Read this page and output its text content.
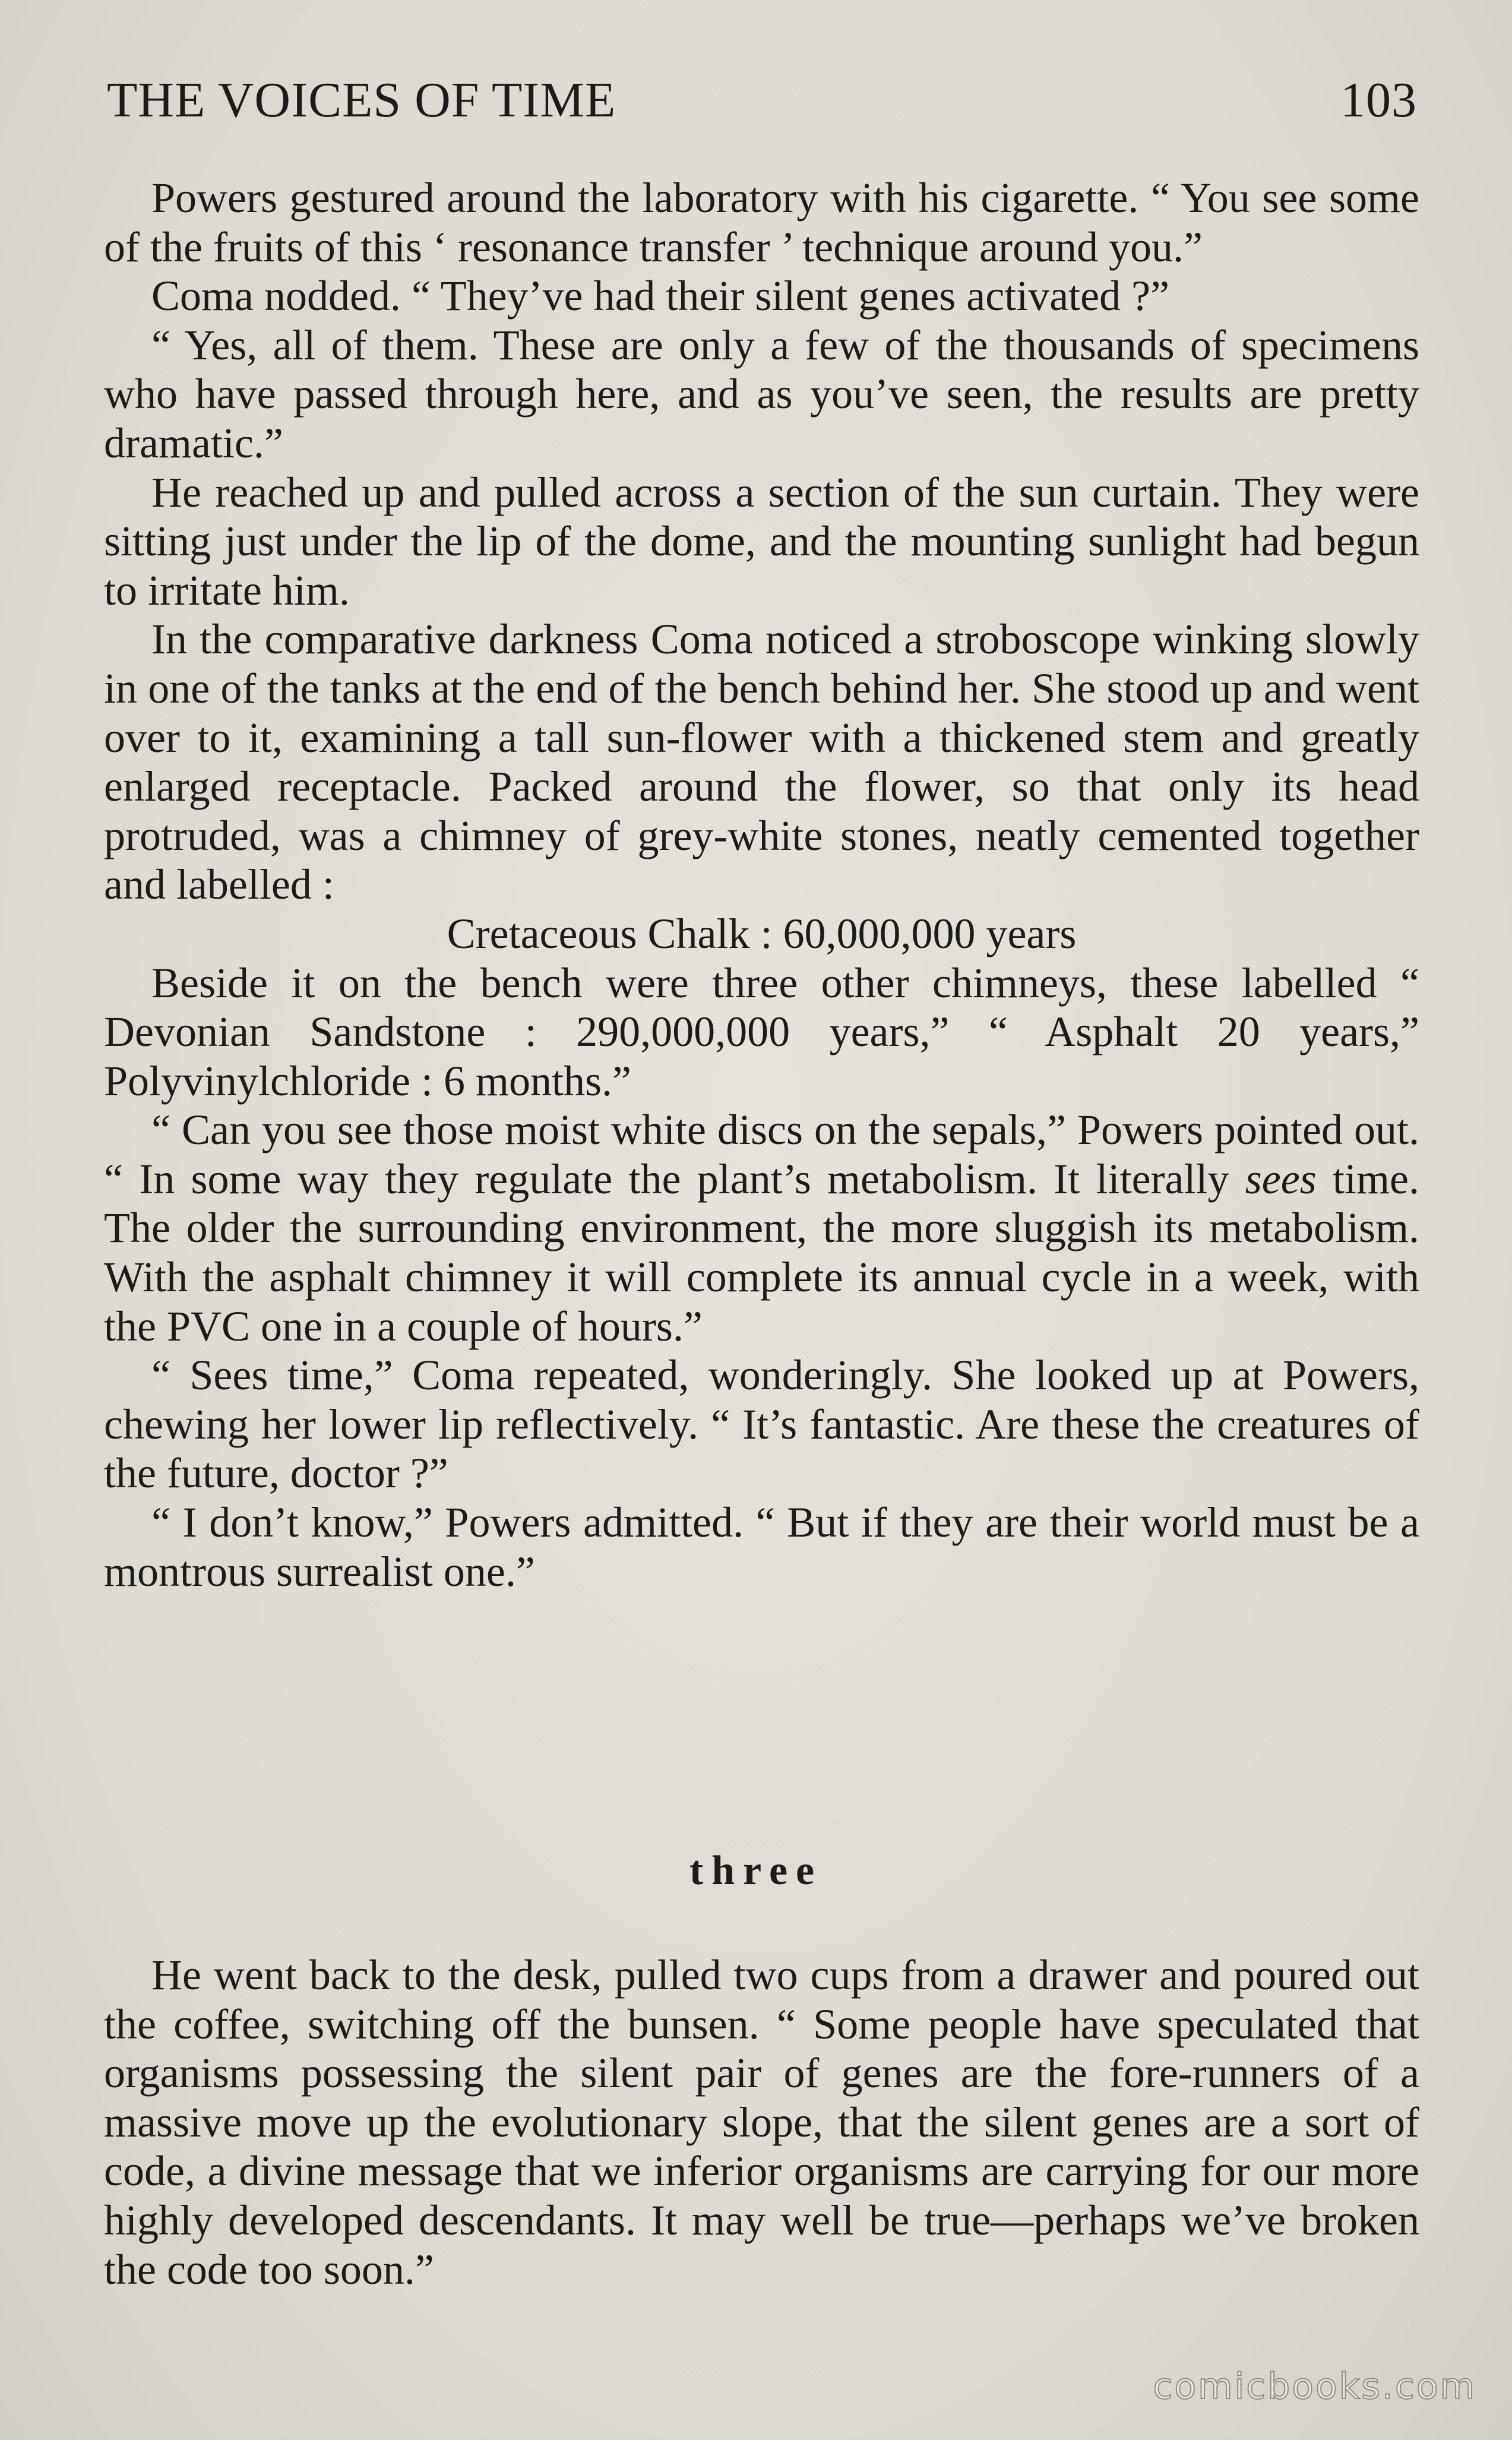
THE VOICES OF TIME	103

Powers gestured around the laboratory with his cigarette. “ You see some of the fruits of this ‘ resonance transfer ’ technique around you.”

Coma nodded. “ They’ve had their silent genes activated ?”

“ Yes, all of them. These are only a few of the thousands of specimens who have passed through here, and as you’ve seen, the results are pretty dramatic.”

He reached up and pulled across a section of the sun curtain. They were sitting just under the lip of the dome, and the mounting sunlight had begun to irritate him.

In the comparative darkness Coma noticed a stroboscope winking slowly in one of the tanks at the end of the bench behind her. She stood up and went over to it, examining a tall sun-flower with a thickened stem and greatly enlarged receptacle. Packed around the flower, so that only its head protruded, was a chimney of grey-white stones, neatly cemented together and labelled :

Cretaceous Chalk : 60,000,000 years

Beside it on the bench were three other chimneys, these labelled “ Devonian Sandstone : 290,000,000 years,” “ Asphalt 20 years,” Polyvinylchloride : 6 months.”

“ Can you see those moist white discs on the sepals,” Powers pointed out. “ In some way they regulate the plant’s metabolism. It literally sees time. The older the surrounding environment, the more sluggish its metabolism. With the asphalt chimney it will complete its annual cycle in a week, with the PVC one in a couple of hours.”

“ Sees time,” Coma repeated, wonderingly. She looked up at Powers, chewing her lower lip reflectively. “ It’s fantastic. Are these the creatures of the future, doctor ?”

“ I don’t know,” Powers admitted. “ But if they are their world must be a montrous surrealist one.”

three

He went back to the desk, pulled two cups from a drawer and poured out the coffee, switching off the bunsen. “ Some people have speculated that organisms possessing the silent pair of genes are the fore-runners of a massive move up the evolutionary slope, that the silent genes are a sort of code, a divine message that we inferior organisms are carrying for our more highly developed descendants. It may well be true—perhaps we’ve broken the code too soon.”

comicbooks.com
